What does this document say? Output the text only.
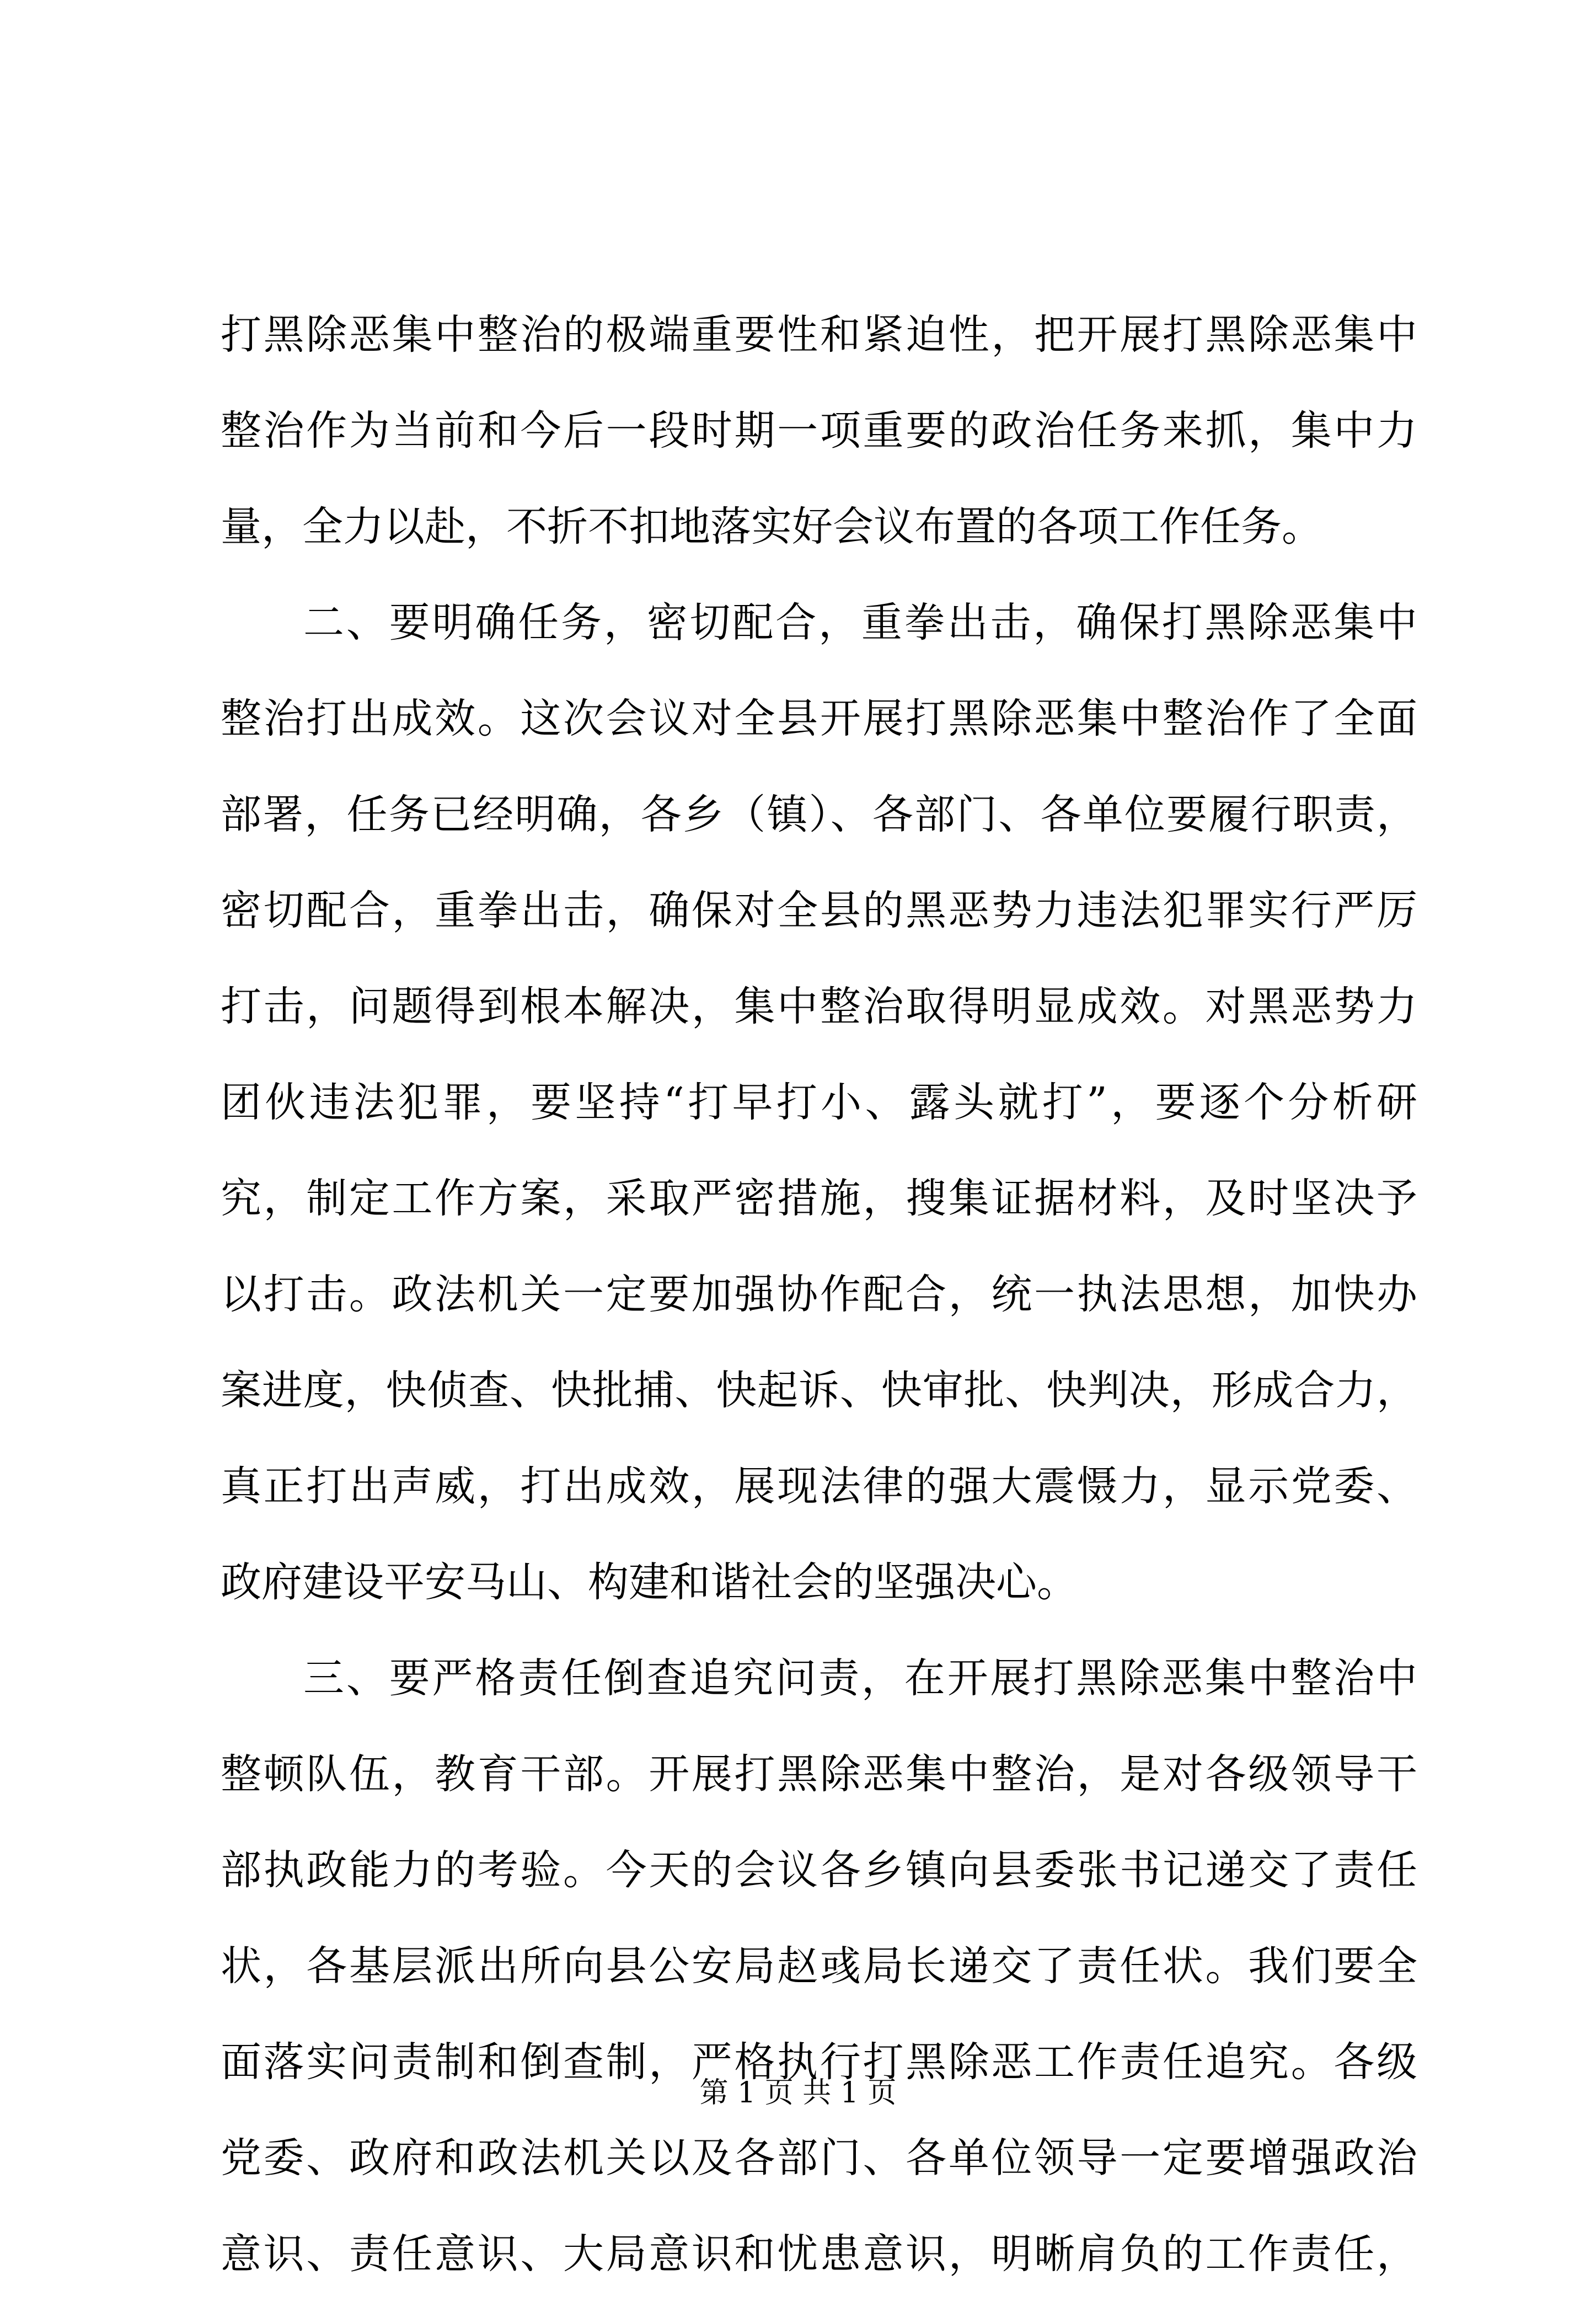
打黑除恶集中整治的极端重要性和紧迫性，把开展打黑除恶集中
整治作为当前和今后一段时期一项重要的政治任务来抓，集中力
量，全力以赴，不折不扣地落实好会议布置的各项工作任务。
二、要明确任务，密切配合，重拳出击，确保打黑除恶集中
整治打出成效。这次会议对全县开展打黑除恶集中整治作了全面
部署，任务已经明确，各乡（镇）、各部门、各单位要履行职责，
密切配合，重拳出击，确保对全县的黑恶势力违法犯罪实行严厉
打击，问题得到根本解决，集中整治取得明显成效。对黑恶势力
团伙违法犯罪，要坚持“打早打小、露头就打”，要逐个分析研
究，制定工作方案，采取严密措施，搜集证据材料，及时坚决予
以打击。政法机关一定要加强协作配合，统一执法思想，加快办
案进度，快侦查、快批捕、快起诉、快审批、快判决，形成合力，
真正打出声威，打出成效，展现法律的强大震慑力，显示党委、
政府建设平安马山、构建和谐社会的坚强决心。
三、要严格责任倒查追究问责，在开展打黑除恶集中整治中
整顿队伍，教育干部。开展打黑除恶集中整治，是对各级领导干
部执政能力的考验。今天的会议各乡镇向县委张书记递交了责任
状，各基层派出所向县公安局赵彧局长递交了责任状。我们要全
面落实问责制和倒查制，严格执行打黑除恶工作责任追究。各级
党委、政府和政法机关以及各部门、各单位领导一定要增强政治
意识、责任意识、大局意识和忧患意识，明晰肩负的工作责任，
第 1 页 共 1 页
